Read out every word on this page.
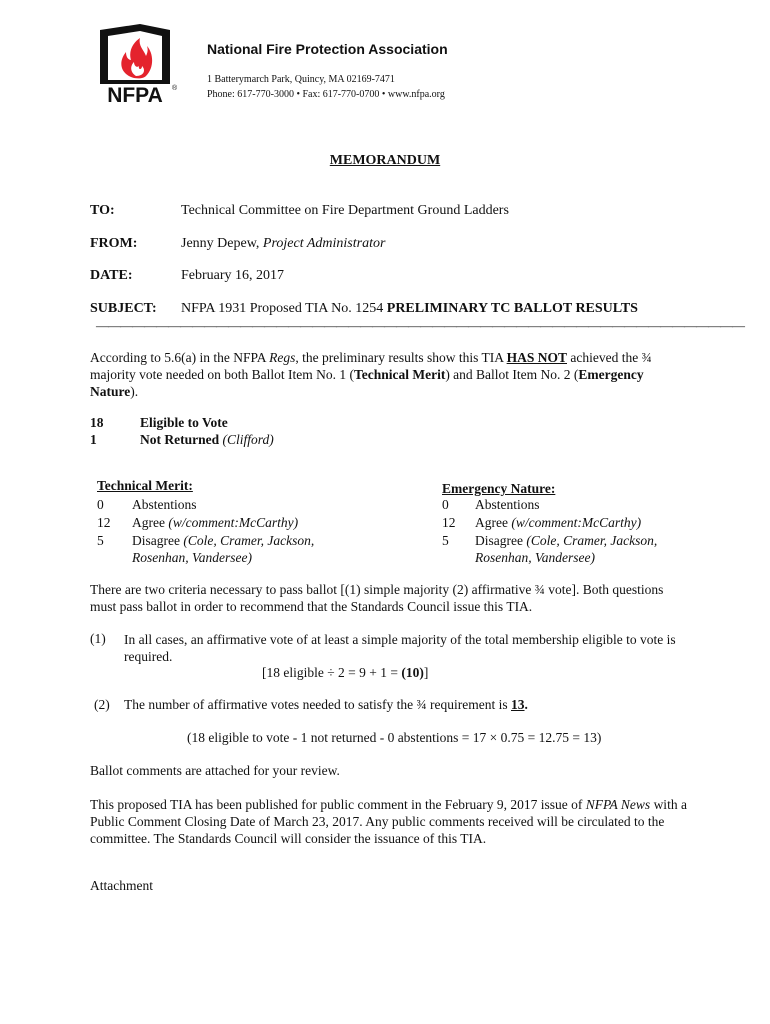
NFPA ®
National Fire Protection Association
1 Batterymarch Park, Quincy, MA 02169-7471
Phone: 617-770-3000 • Fax: 617-770-0700 • www.nfpa.org
MEMORANDUM
TO:	Technical Committee on Fire Department Ground Ladders
FROM:	Jenny Depew, Project Administrator
DATE:	February 16, 2017
SUBJECT: NFPA 1931 Proposed TIA No. 1254 PRELIMINARY TC BALLOT RESULTS
——————————————————————————————————————————————————————
According to 5.6(a) in the NFPA Regs, the preliminary results show this TIA HAS NOT achieved the ¾ majority vote needed on both Ballot Item No. 1 (Technical Merit) and Ballot Item No. 2 (Emergency Nature).
18	Eligible to Vote
1	Not Returned (Clifford)
Technical Merit:
0 Abstentions
12 Agree (w/comment:McCarthy)
5 Disagree (Cole, Cramer, Jackson,
Rosenhan, Vandersee)
Emergency Nature:
0 Abstentions
12 Agree (w/comment:McCarthy)
5 Disagree (Cole, Cramer, Jackson,
Rosenhan, Vandersee)
There are two criteria necessary to pass ballot [(1) simple majority (2) affirmative ¾ vote]. Both questions must pass ballot in order to recommend that the Standards Council issue this TIA.
(1) In all cases, an affirmative vote of at least a simple majority of the total membership eligible to vote is required.
[18 eligible ÷ 2 = 9 + 1 = (10)]
(2) The number of affirmative votes needed to satisfy the ¾ requirement is 13.
(18 eligible to vote - 1 not returned - 0 abstentions = 17 × 0.75 = 12.75 = 13)
Ballot comments are attached for your review.
This proposed TIA has been published for public comment in the February 9, 2017 issue of NFPA News with a Public Comment Closing Date of March 23, 2017. Any public comments received will be circulated to the committee. The Standards Council will consider the issuance of this TIA.
Attachment
